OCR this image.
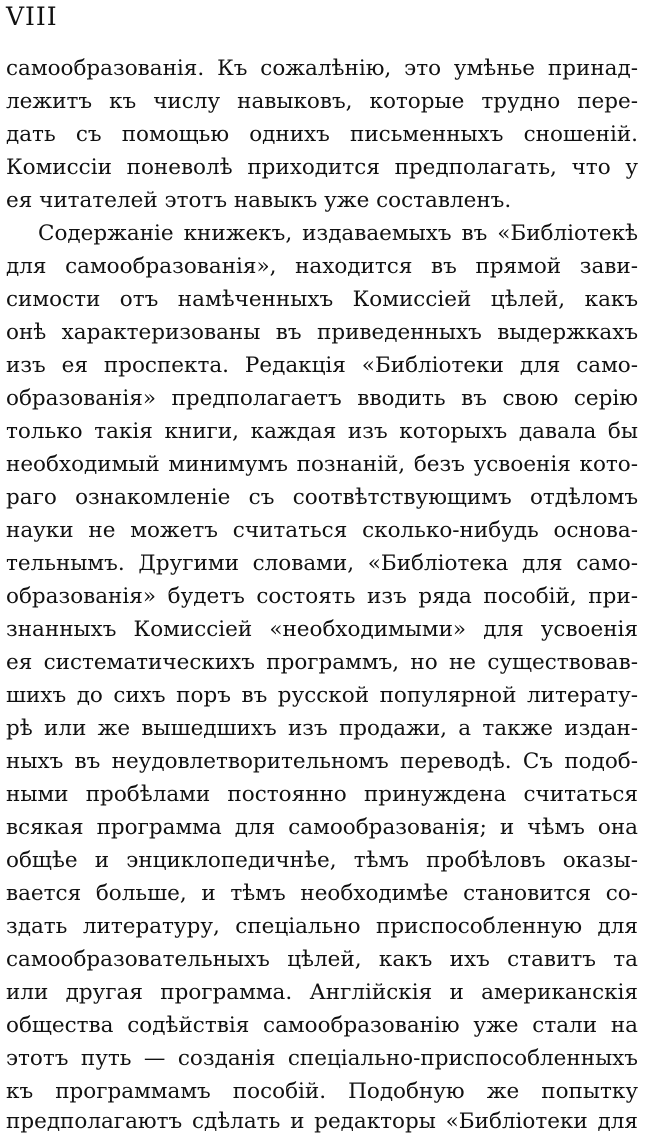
VIII
самообразованія. Къ сожалѣнію, это умѣнье принад-
лежитъ къ числу навыковъ, которые трудно пере-
дать съ помощью однихъ письменныхъ сношеній.
Комиссіи поневолѣ приходится предполагать, что у
ея читателей этотъ навыкъ уже составленъ.
Содержаніе книжекъ, издаваемыхъ въ «Библіотекѣ
для самообразованія», находится въ прямой зави-
симости отъ намѣченныхъ Комиссіей цѣлей, какъ
онѣ характеризованы въ приведенныхъ выдержкахъ
изъ ея проспекта. Редакція «Библіотеки для само-
образованія» предполагаетъ вводить въ свою серію
только такія книги, каждая изъ которыхъ давала бы
необходимый минимумъ познаній, безъ усвоенія кото-
раго ознакомленіе съ соотвѣтствующимъ отдѣломъ
науки не можетъ считаться сколько-нибудь основа-
тельнымъ. Другими словами, «Библіотека для само-
образованія» будетъ состоять изъ ряда пособій, при-
знанныхъ Комиссіей «необходимыми» для усвоенія
ея систематическихъ программъ, но не существовав-
шихъ до сихъ поръ въ русской популярной литерату-
рѣ или же вышедшихъ изъ продажи, а также издан-
ныхъ въ неудовлетворительномъ переводѣ. Съ подоб-
ными пробѣлами постоянно принуждена считаться
всякая программа для самообразованія; и чѣмъ она
общѣе и энциклопедичнѣе, тѣмъ пробѣловъ оказы-
вается больше, и тѣмъ необходимѣе становится со-
здать литературу, спеціально приспособленную для
самообразовательныхъ цѣлей, какъ ихъ ставитъ та
или другая программа. Англійскія и американскія
общества содѣйствія самообразованію уже стали на
этотъ путь — созданія спеціально-приспособленныхъ
къ программамъ пособій. Подобную же попытку
предполагаютъ сдѣлать и редакторы «Библіотеки для
